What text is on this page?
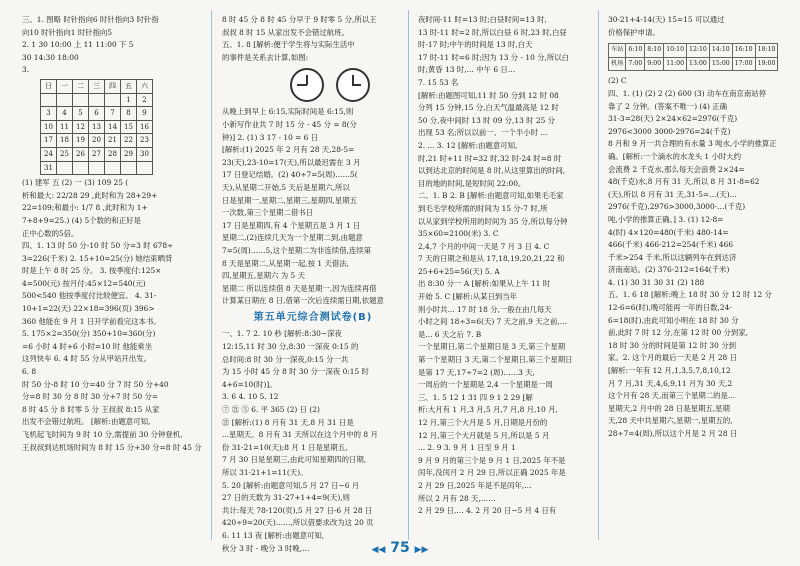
三、1. 图略 时针指向6 时针指向3 时针指
向10 时针指向1 时针指向5
2. 1 30 10:00 上 11 11:00 下 5
30 14:30 18:00
3.
日	一	二	三	四	五	六
					1	2
3	4	5	6	7	8	9
10	11	12	13	14	15	16
17	18	19	20	21	22	23
24	25	26	27	28	29	30
31						
(1) 建军 五 (2) 一 (3) 109 25 (
析和最大: 22/28 29 ,此时和为 28+29+
22=109;和最小: 1/7 8 ,此时和为 1+
7+8+9=25.) (4) 5个数的和正好是
正中心数的5倍。
四、1. 13 时 50 分-10 时 50 分=3 时 678÷
3=226(千米) 2. 15+10=25(分) 她结束晒背
时是上午 8 时 25 分。 3. 按季度付:125×
4=500(元) 按月付:45×12=540(元)
500<540 他按季度付比较便宜。 4. 31-
10+1=22(天) 22×18=396(页) 396>
360 他能在 9 月 1 日开学前看完这本书。
5. 175×2=350(分) 350+10=360(分)
=6 小时 4 时+6 小时=10 时 他能乘坐
这列快车 6. 4 时 55 分从甲站开出发。
6. 8
时 50 分-8 时 10 分=40 分 7 时 50 分+40
分=8 时 30 分 8 时 30 分+7 时 50 分=
8 时 45 分 8 时零 5 分 王叔叔 8:15 从家
出发不会错过航班。 [解析:由题意可知,
飞机起飞时间为 9 时 10 分,需提前 30 分钟登机,
王叔叔到达机场时间为 8 时 15 分+30 分=8 时 45 分
8 时 45 分 8 时 45 分早于 9 时零 5 分,所以王
叔叔 8 时 15 从家出发不会错过航班。
五、1. 8 [解析:便于学生将与实际生活中
的事件是关系去计算,如图:
从晚上到早上 6:15,实际时间是 6:15,则
小新写作业共 7 时 15 分 - 45 分 = 8(分
钟)] 2. (1) 3 17 - 10 = 6 日
[解析:(1) 2025 年 2 月有 28 天,28-5=
23(天),23-10=17(天),所以最迟需在 3 月
17 日登记结婚。(2) 40÷7=5(周)……5(
天),从星期二开始,5 天后是星期六,所以
日是星期一,星期二,星期三,星期四,星期五
一次数,第三个星期二借书日
17 日是星期四,有 4 个星期五是 3 月 1 日
星期二,(2)连续几天为一个星期二到,由题意
7=5(周)……5,这个星期二为非连续借,连续第
8 天是星期二,从星期一起,按 1 天借法,
四,星期五,星期六 为 5 天
星期二 所以连续借 8 天是星期一,因为连续再借
计算某日期在 8 日,借第一次后连续需日期,依题意
第五单元综合测试卷(B)
一、1. 7 2. 10 秒 [解析:8:30~深夜
12:15,11 时 30 分,8:30 一深夜 0:15 的
总时间:8 时 30 分一深夜,0:15 分一共
为 15 小时 45 分 8 时 30 分一深夜 0:15 时
4+6=10(时)]。
3. 6 4. 10 5. 12
⑦ ㉑ ⑤ 6. 平 365 (2) 日 (2)
㉑ [解析:(1) 8 月有 31 天,8 月 31 日是
...星期天。8 月有 31 天所以在这个月中的 8 月
份 31-21=10(天);8 月 1 日是星期五,
7 月 30 日是星期三,由此可知星期四的日期,
所以 31-21+1=11(天)。
5. 20 [解析:由题意可知,5 月 27 日~6 月
27 日的天数为 31-27+1+4=9(天),则
共计:每天 78-120(页),5 月 27 日-6 月 28 日
420÷9=20(天)……,所以借要求改为这 20 页
6. 11 13 夜 [解析:由题意可知,
秋分 3 时 - 晚分 3 时晚,…
夜时间-11 时=13 时;白昼时间=13 时,
13 时-11 时=2 时,所以白昼 6 时,23 时,白昼
时-17 时;中午的时间是 13 时,白天
17 时-11 时=6 时;因为 13 分 - 10 分,所以白
时;黄昏 13 时,… 中午 6 日…
7. 15 53 名
[解析:由题图可知,11 时 50 分到 12 时 08
分列 15 分钟,15 分,白天气温最高是 12 时
50 分,夜中间时 13 时 09 分,13 时 25 分
出现 53 名;所以以前一、一个半小时 ...
2. ... 3. 12 [解析:由题意可知,
时,21 时+11 时=32 时,32 时-24 时=8 时
以到达北京的时间是 8 时,从这里算出的时间,
目的地的时间,是短时间 22:00。
二、1. B 2. B [解析:由题意可知,如果毛毛家
到毛毛学校所需的时间为 15 分-7 时,所
以从家到学校所用的时间为 35 分,所以每分钟
35×60=2100(米) 3. C
2,4,7 个月的中间一天是 7 月 3 日 4. C
7 天的日期之和是从 17,18,19,20,21,22 和
25+6+25=56(天) 5. A
出 8:30 分一 A [解析:如果从上午 11 时
开始 5. C [解析:从某日到当年
则小时共... 17 时 18 分,一般在由几每天
小时之间 18÷3=6(天) 7 天之前,9 天之前,…
是... 6 天之后 7. B
一个星期日,第二个星期日是 3 天,第三个星期
第一个星期日 3 天,第二个星期日,第三个星期日
是第 17 天,17÷7=2 (周)……3 天,
一周后的一个星期是 2,4 一个星期是一周
三、1. 5 12 1 31 四 9 1 2 29 [解
析:大月有 1 月,3 月,5 月,7 月,8 月,10 月,
12 月,第三个大月是 5 月,日期是月份的
12 月,第三个大月就是 5 月,所以是 5 月
... 2. 9 3. 9 月 1 日至 9 月 1
9 月 9 月的第三个是 9 月 1 日,2025 年不是
闰年,没闰月 2 月 29 日,所以正确 2025 年是
2 月 29 日,2025 年是不是闰年,…
所以 2 月有 28 天,……
2 月 29 日,… 4. 2 月 20 日~5 月 4 日有
30-21+4-14(天) 15=15 可以通过
价格保护申请。
车站	6:10	8:10	10:10	12:10	14:10	16:10	18:10
机场	7:00	9:00	11:00	13:00	15:00	17:00	19:00
(2) C
四、1. (1) (2) 2 (2) 600 (3) 动车在南京南站停
靠了 2 分钟。(答案不唯一) (4) 正确
31-3=28(天) 2×24×62=2976(千克)
2976<3000 3000-2976=24(千克)
8 月和 9 月一共合理的有水量 3 吨水,小学的推算正
确。[解析:一个滴水的水龙头 1 小时大约
会流费 2 千克水,那么每天会浪费 2×24=
48(千克)水,8 月有 31 天,所以 8 月 31-8=62
(天),所以 8 月有 31 天,31-5=…(天)...
2976(千克),2976>3000,3000-…(千克)
吨,小学的推算正确。] 3. (1) 12-8=
4(时) 4×120=480(千米) 480-14=
466(千米) 466-212=254(千米) 466
千米>254 千米,所以这辆列车在到达济
济南南站。(2) 376-212=164(千米)
4. (1) 30 31 30 31 (2) 188
五、1. 6 18 [解析:晚上 18 时 30 分 12 时 12 分
12-6=6(时),晚可能再一年的日数,24-
6=18(时),由此可知小明在 18 时 30 分
前,此时 7 时 12 分,在第 12 时 00 分到家,
18 时 30 分的时间是第 12 时 30 分到
家。2. 这个月的最后一天是 2 月 28 日
[解析:一年有 12 月,1,3,5,7,8,10,12
月 7 月,31 天,4,6,9,11 月为 30 天,2
这个月有 28 天,而第三个星期二的是…
星期天,2 月中的 28 日是星期五,星期
天,28 天中共星期六,星期一,星期五的,
28÷7=4(周),所以这个月是 2 月 28 日
◀◀ 75 ▶▶
